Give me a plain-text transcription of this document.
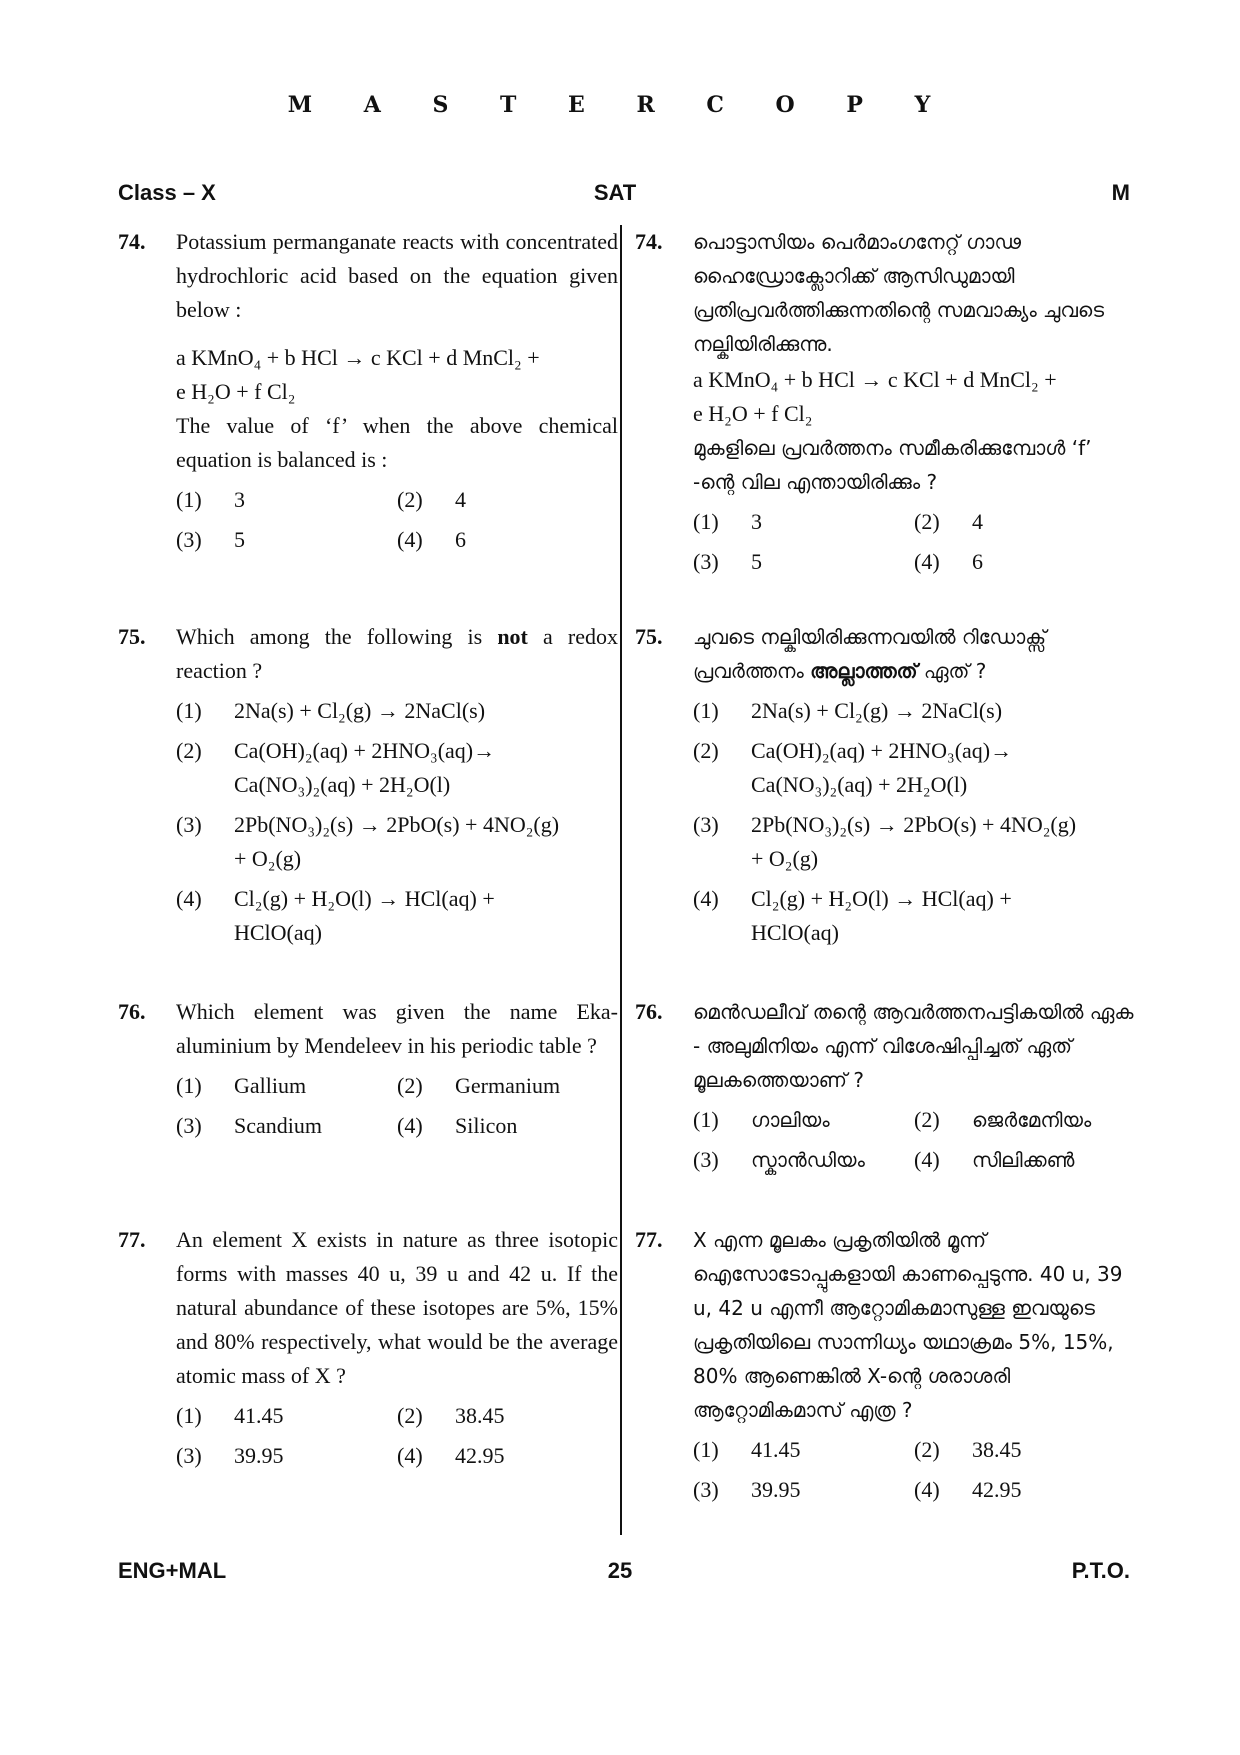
M A S T E R C O P Y
Class – X	SAT	M
74. Potassium permanganate reacts with concentrated hydrochloric acid based on the equation given below :
a KMnO₄ + b HCl → c KCl + d MnCl₂ +
e H₂O + f Cl₂
The value of ‘f’ when the above chemical equation is balanced is :
(1)	3	(2)	4
(3)	5	(4)	6
75. Which among the following is not a redox reaction ?
(1)	2Na(s) + Cl₂(g) → 2NaCl(s)
(2)	Ca(OH)₂(aq) + 2HNO₃(aq)→
Ca(NO₃)₂(aq) + 2H₂O(l)
(3)	2Pb(NO₃)₂(s) → 2PbO(s) + 4NO₂(g)
+ O₂(g)
(4)	Cl₂(g) + H₂O(l) → HCl(aq) +
HClO(aq)
76. Which element was given the name Eka-aluminium by Mendeleev in his periodic table ?
(1)	Gallium	(2)	Germanium
(3)	Scandium	(4)	Silicon
77. An element X exists in nature as three isotopic forms with masses 40 u, 39 u and 42 u. If the natural abundance of these isotopes are 5%, 15% and 80% respectively, what would be the average atomic mass of X ?
(1)	41.45	(2)	38.45
(3)	39.95	(4)	42.95
74. പൊട്ടാസിയം പെർമാംഗനേറ്റ് ഗാഢ ഹൈഡ്രോക്ലോറിക്ക് ആസിഡുമായി പ്രതിപ്രവർത്തിക്കുന്നതിന്റെ സമവാക്യം ചുവടെ നല്കിയിരിക്കുന്നു.
a KMnO₄ + b HCl → c KCl + d MnCl₂ +
e H₂O + f Cl₂
മുകളിലെ പ്രവർത്തനം സമീകരിക്കുമ്പോൾ ‘f’ -ന്റെ വില എന്തായിരിക്കും ?
(1)	3	(2)	4
(3)	5	(4)	6
75. ചുവടെ നല്കിയിരിക്കുന്നവയിൽ റിഡോക്സ് പ്രവർത്തനം അല്ലാത്തത് ഏത് ?
(1)	2Na(s) + Cl₂(g) → 2NaCl(s)
(2)	Ca(OH)₂(aq) + 2HNO₃(aq)→
Ca(NO₃)₂(aq) + 2H₂O(l)
(3)	2Pb(NO₃)₂(s) → 2PbO(s) + 4NO₂(g)
+ O₂(g)
(4)	Cl₂(g) + H₂O(l) → HCl(aq) +
HClO(aq)
76. മെൻഡലീവ് തന്റെ ആവർത്തനപട്ടികയിൽ ഏക - അലുമിനിയം എന്ന് വിശേഷിപ്പിച്ചത് ഏത് മൂലകത്തെയാണ് ?
(1)	ഗാലിയം	(2)	ജെർമേനിയം
(3)	സ്കാൻഡിയം (4)	സിലിക്കൺ
77. X എന്ന മൂലകം പ്രകൃതിയിൽ മൂന്ന് ഐസോടോപ്പുകളായി കാണപ്പെടുന്നു. 40 u, 39 u, 42 u എന്നീ ആറ്റോമികമാസുള്ള ഇവയുടെ പ്രകൃതിയിലെ സാന്നിധ്യം യഥാക്രമം 5%, 15%, 80% ആണെങ്കിൽ X-ന്റെ ശരാശരി ആറ്റോമികമാസ് എത്ര ?
(1)	41.45	(2)	38.45
(3)	39.95	(4)	42.95
ENG+MAL	25	P.T.O.
